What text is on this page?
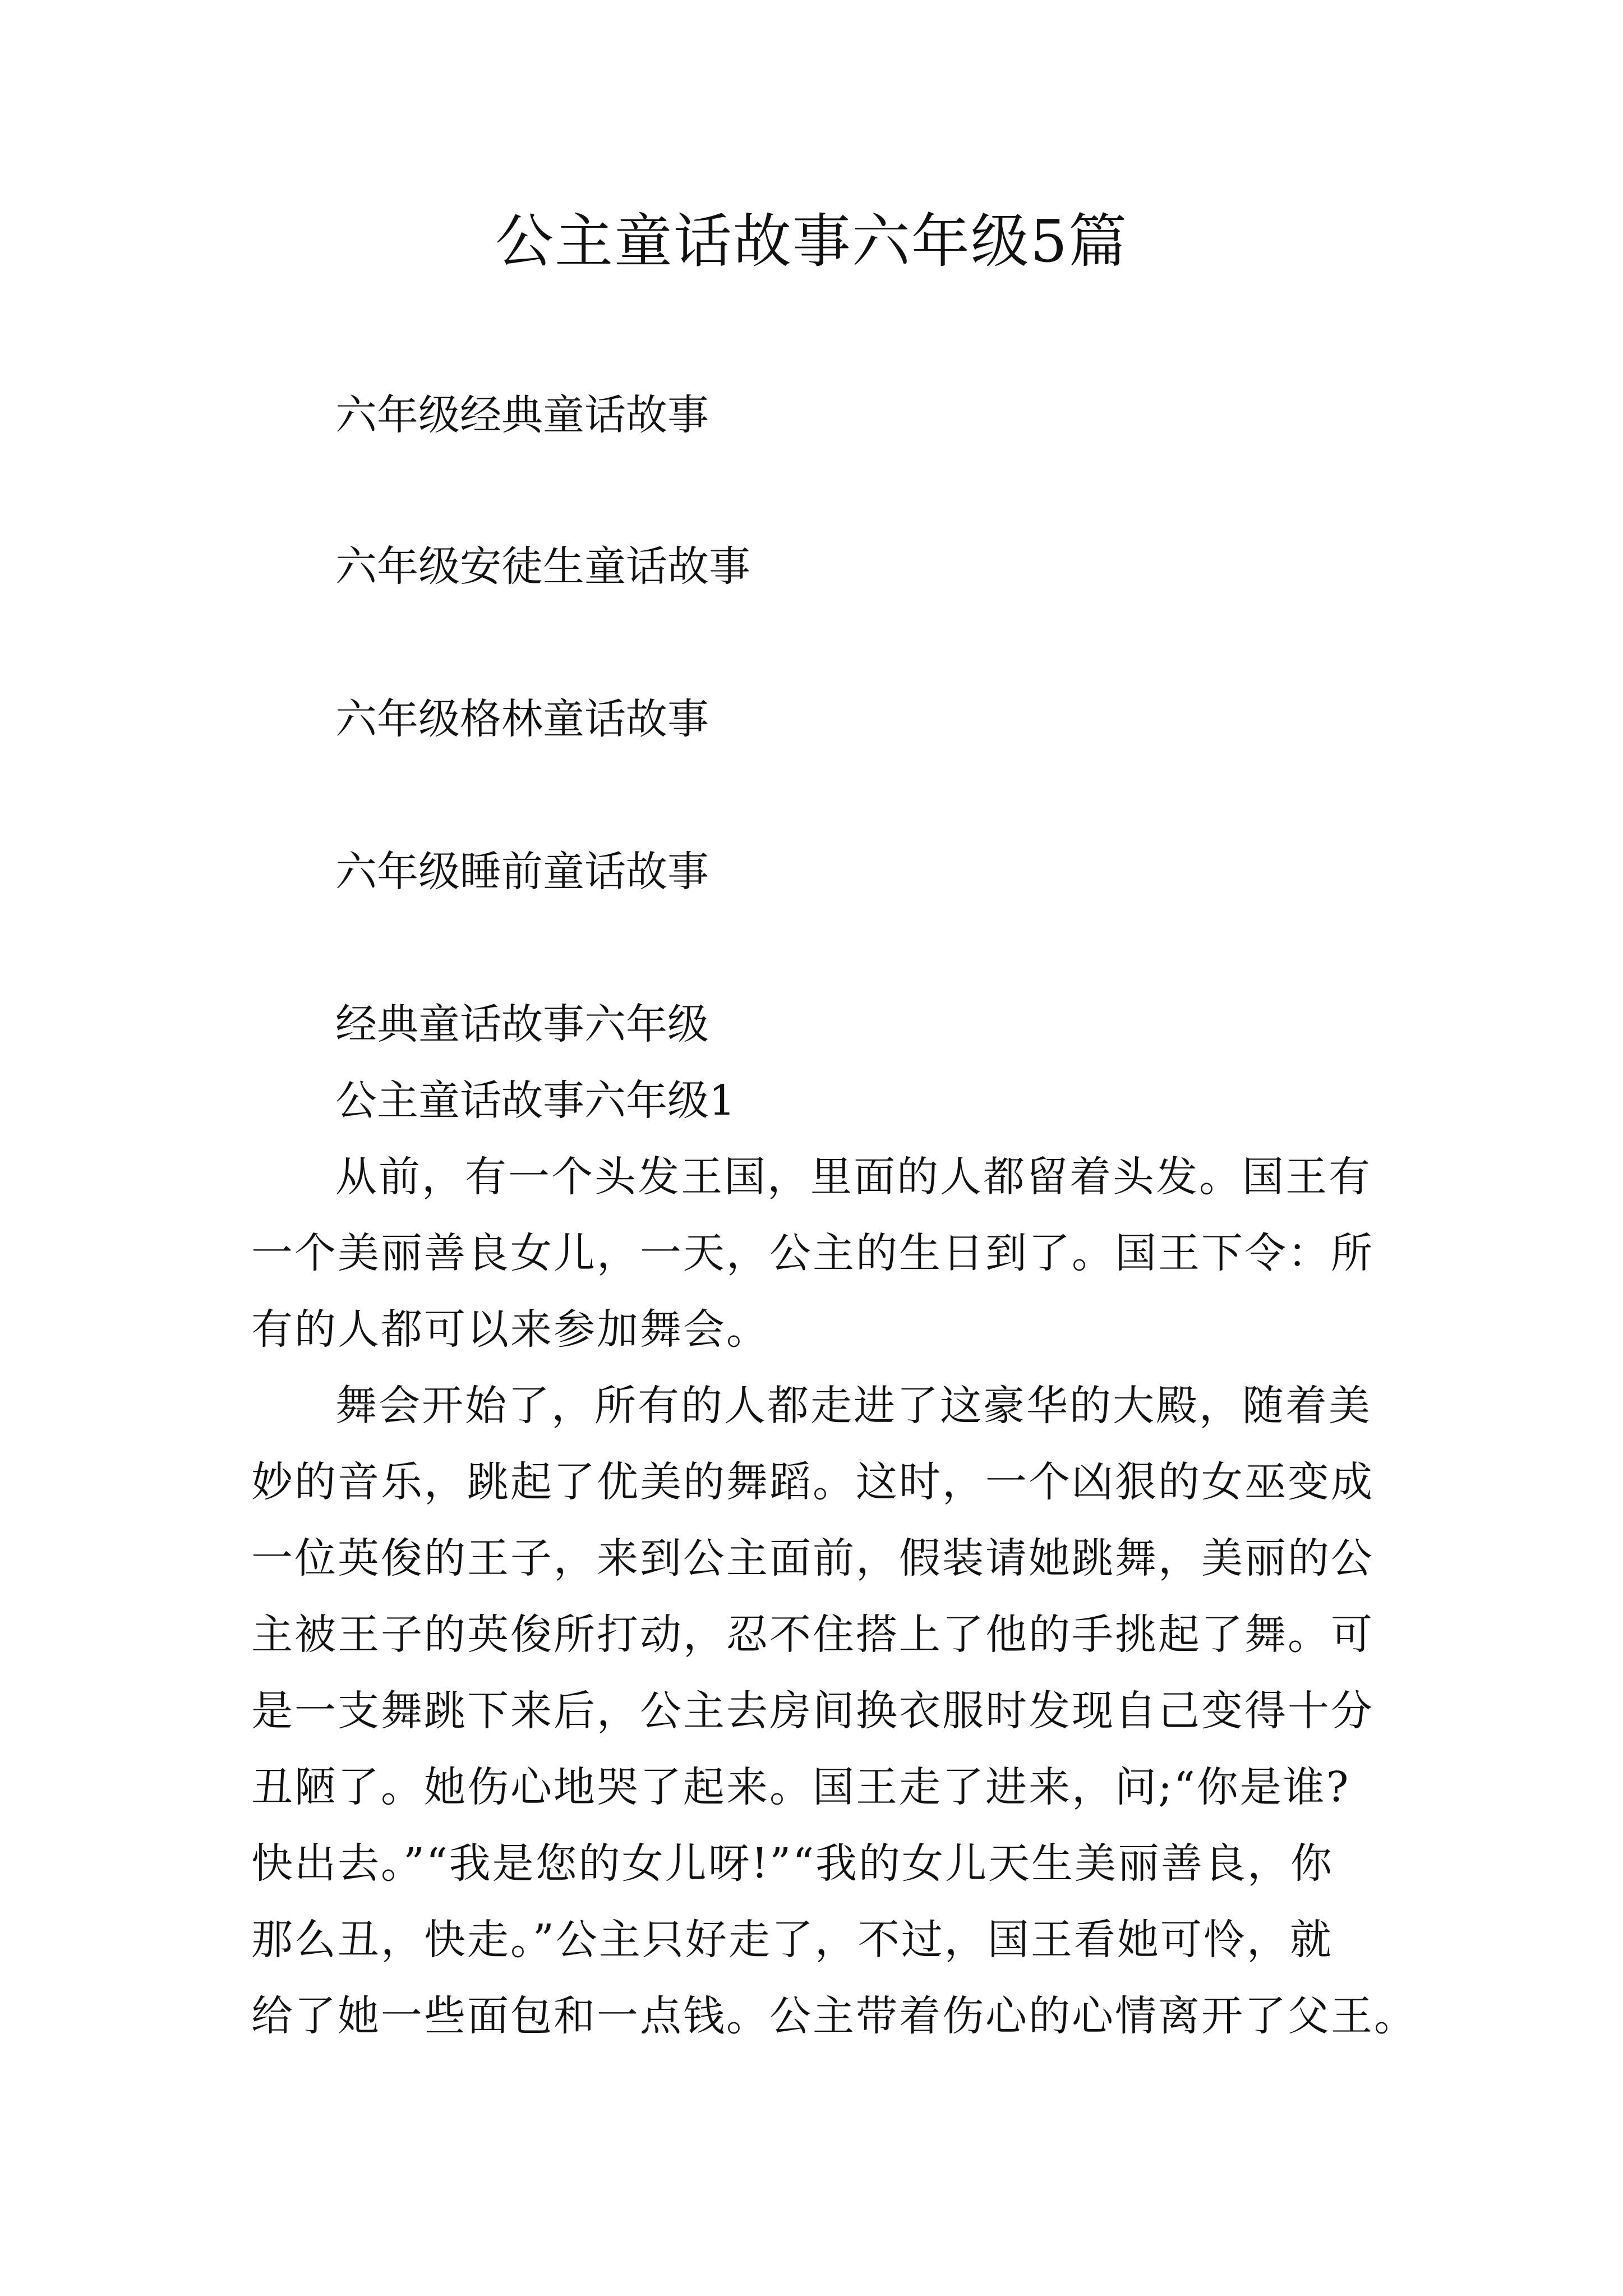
公主童话故事六年级5篇

六年级经典童话故事

六年级安徒生童话故事

六年级格林童话故事

六年级睡前童话故事

经典童话故事六年级

公主童话故事六年级1

从前，有一个头发王国，里面的人都留着头发。国王有

一个美丽善良女儿，一天，公主的生日到了。国王下令：所

有的人都可以来参加舞会。

舞会开始了，所有的人都走进了这豪华的大殿，随着美

妙的音乐，跳起了优美的舞蹈。这时，一个凶狠的女巫变成

一位英俊的王子，来到公主面前，假装请她跳舞，美丽的公

主被王子的英俊所打动，忍不住搭上了他的手挑起了舞。可

是一支舞跳下来后，公主去房间换衣服时发现自己变得十分

丑陋了。她伤心地哭了起来。国王走了进来，问;“你是谁?

快出去。”“我是您的女儿呀!”“我的女儿天生美丽善良，你

那么丑，快走。”公主只好走了，不过，国王看她可怜，就

给了她一些面包和一点钱。公主带着伤心的心情离开了父王。
